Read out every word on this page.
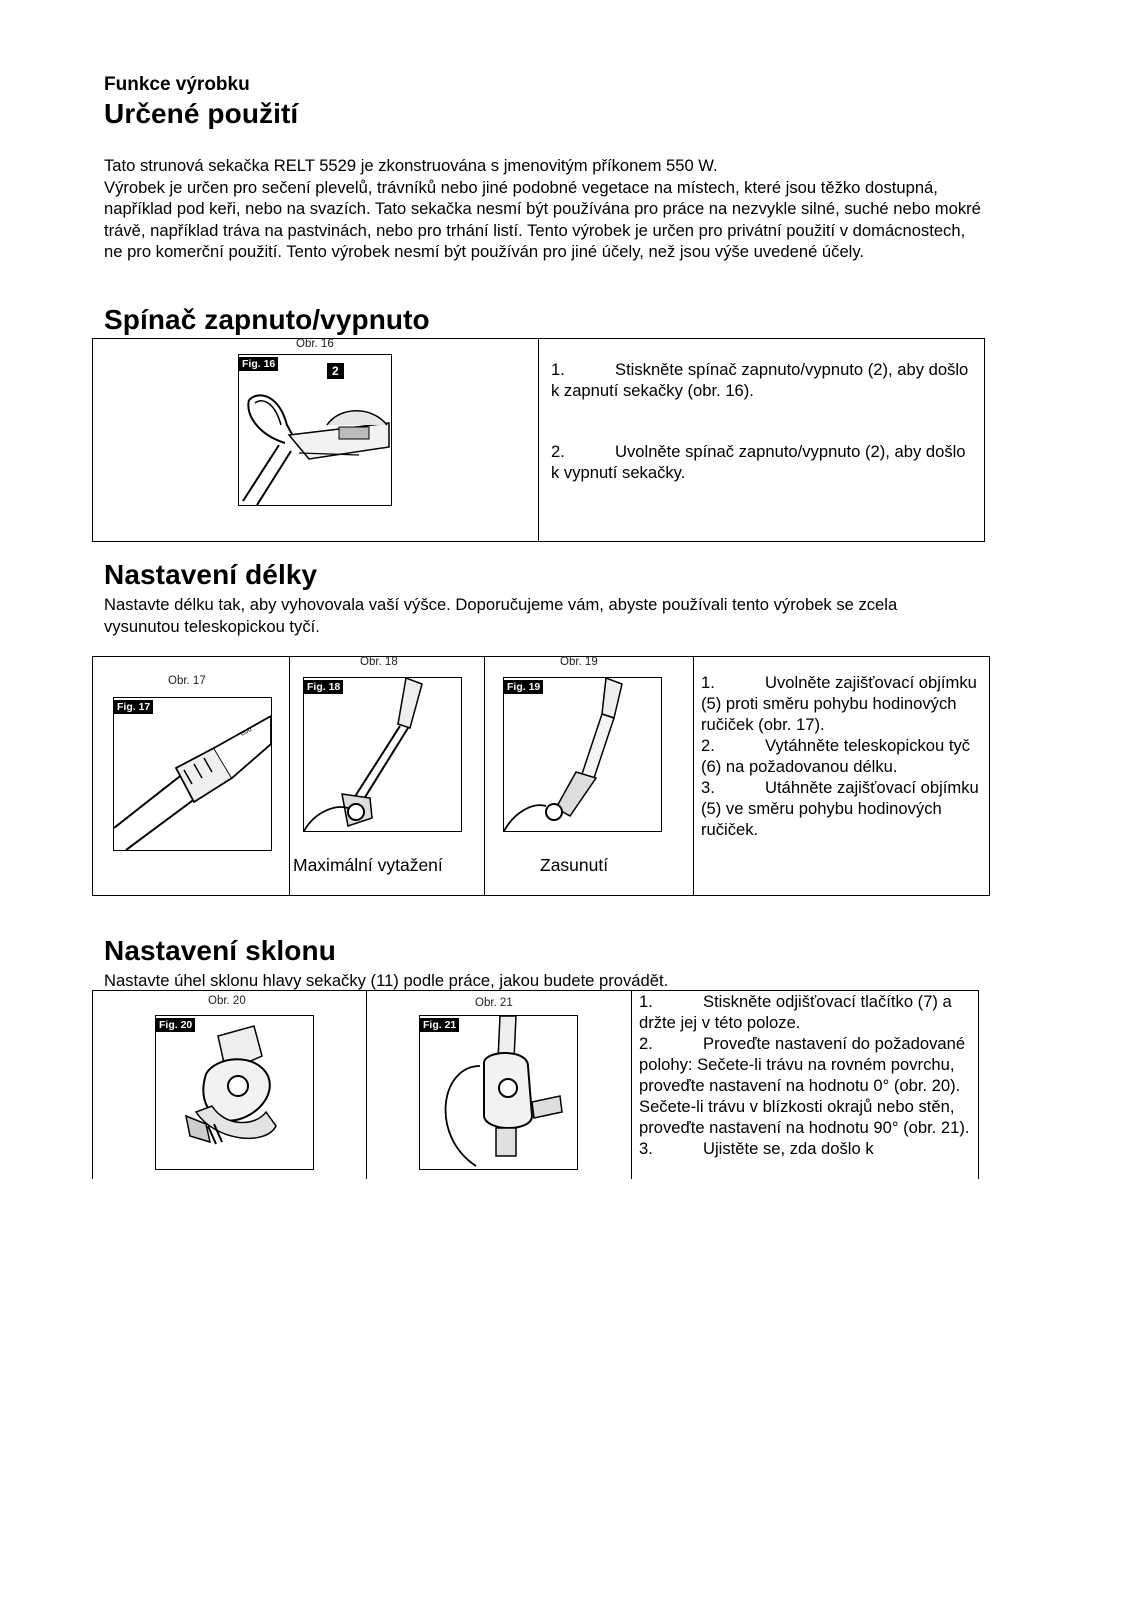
Funkce výrobku
Určené použití

Tato strunová sekačka RELT 5529 je zkonstruována s jmenovitým příkonem 550 W.

Výrobek je určen pro sečení plevelů, trávníků nebo jiné podobné vegetace na místech, které jsou těžko dostupná, například pod keři, nebo na svazích. Tato sekačka nesmí být používána pro práce na nezvykle silné, suché nebo mokré trávě, například tráva na pastvinách, nebo pro trhání listí. Tento výrobek je určen pro privátní použití v domácnostech, ne pro komerční použití. Tento výrobek nesmí být používán pro jiné účely, než jsou výše uvedené účely.

Spínač zapnuto/vypnuto
Obr. 16
Fig. 16	2	1.	Stiskněte spínač zapnuto/vypnuto (2), aby došlo k zapnutí sekačky (obr. 16).

2.	Uvolněte spínač zapnuto/vypnuto (2), aby došlo k vypnutí sekačky.

Nastavení délky
Nastavte délku tak, aby vyhovovala vaší výšce. Doporučujeme vám, abyste používali tento výrobek se zcela vysunutou teleskopickou tyčí.
Obr. 17
ooo
Fig. 17
Obr. 18
Fig. 18
Maximální vytažení
Obr. 19
Fig. 19
Zasunutí

1.	Uvolněte zajišťovací objímku (5) proti směru pohybu hodinových ručiček (obr. 17).

2.	Vytáhněte teleskopickou tyč (6) na požadovanou délku.

3.	Utáhněte zajišťovací objímku (5) ve směru pohybu hodinových ručiček.

Nastavení sklonu
Nastavte úhel sklonu hlavy sekačky (11) podle práce, jakou budete provádět.
Obr. 20
Fig. 20
Obr. 21
Fig. 21

1.	Stiskněte odjišťovací tlačítko (7) a držte jej v této poloze.

2.	Proveďte nastavení do požadované polohy: Sečete-li trávu na rovném povrchu, proveďte nastavení na hodnotu 0° (obr. 20). Sečete-li trávu v blízkosti okrajů nebo stěn, proveďte nastavení na hodnotu 90° (obr. 21).

3.	Ujistěte se, zda došlo k
